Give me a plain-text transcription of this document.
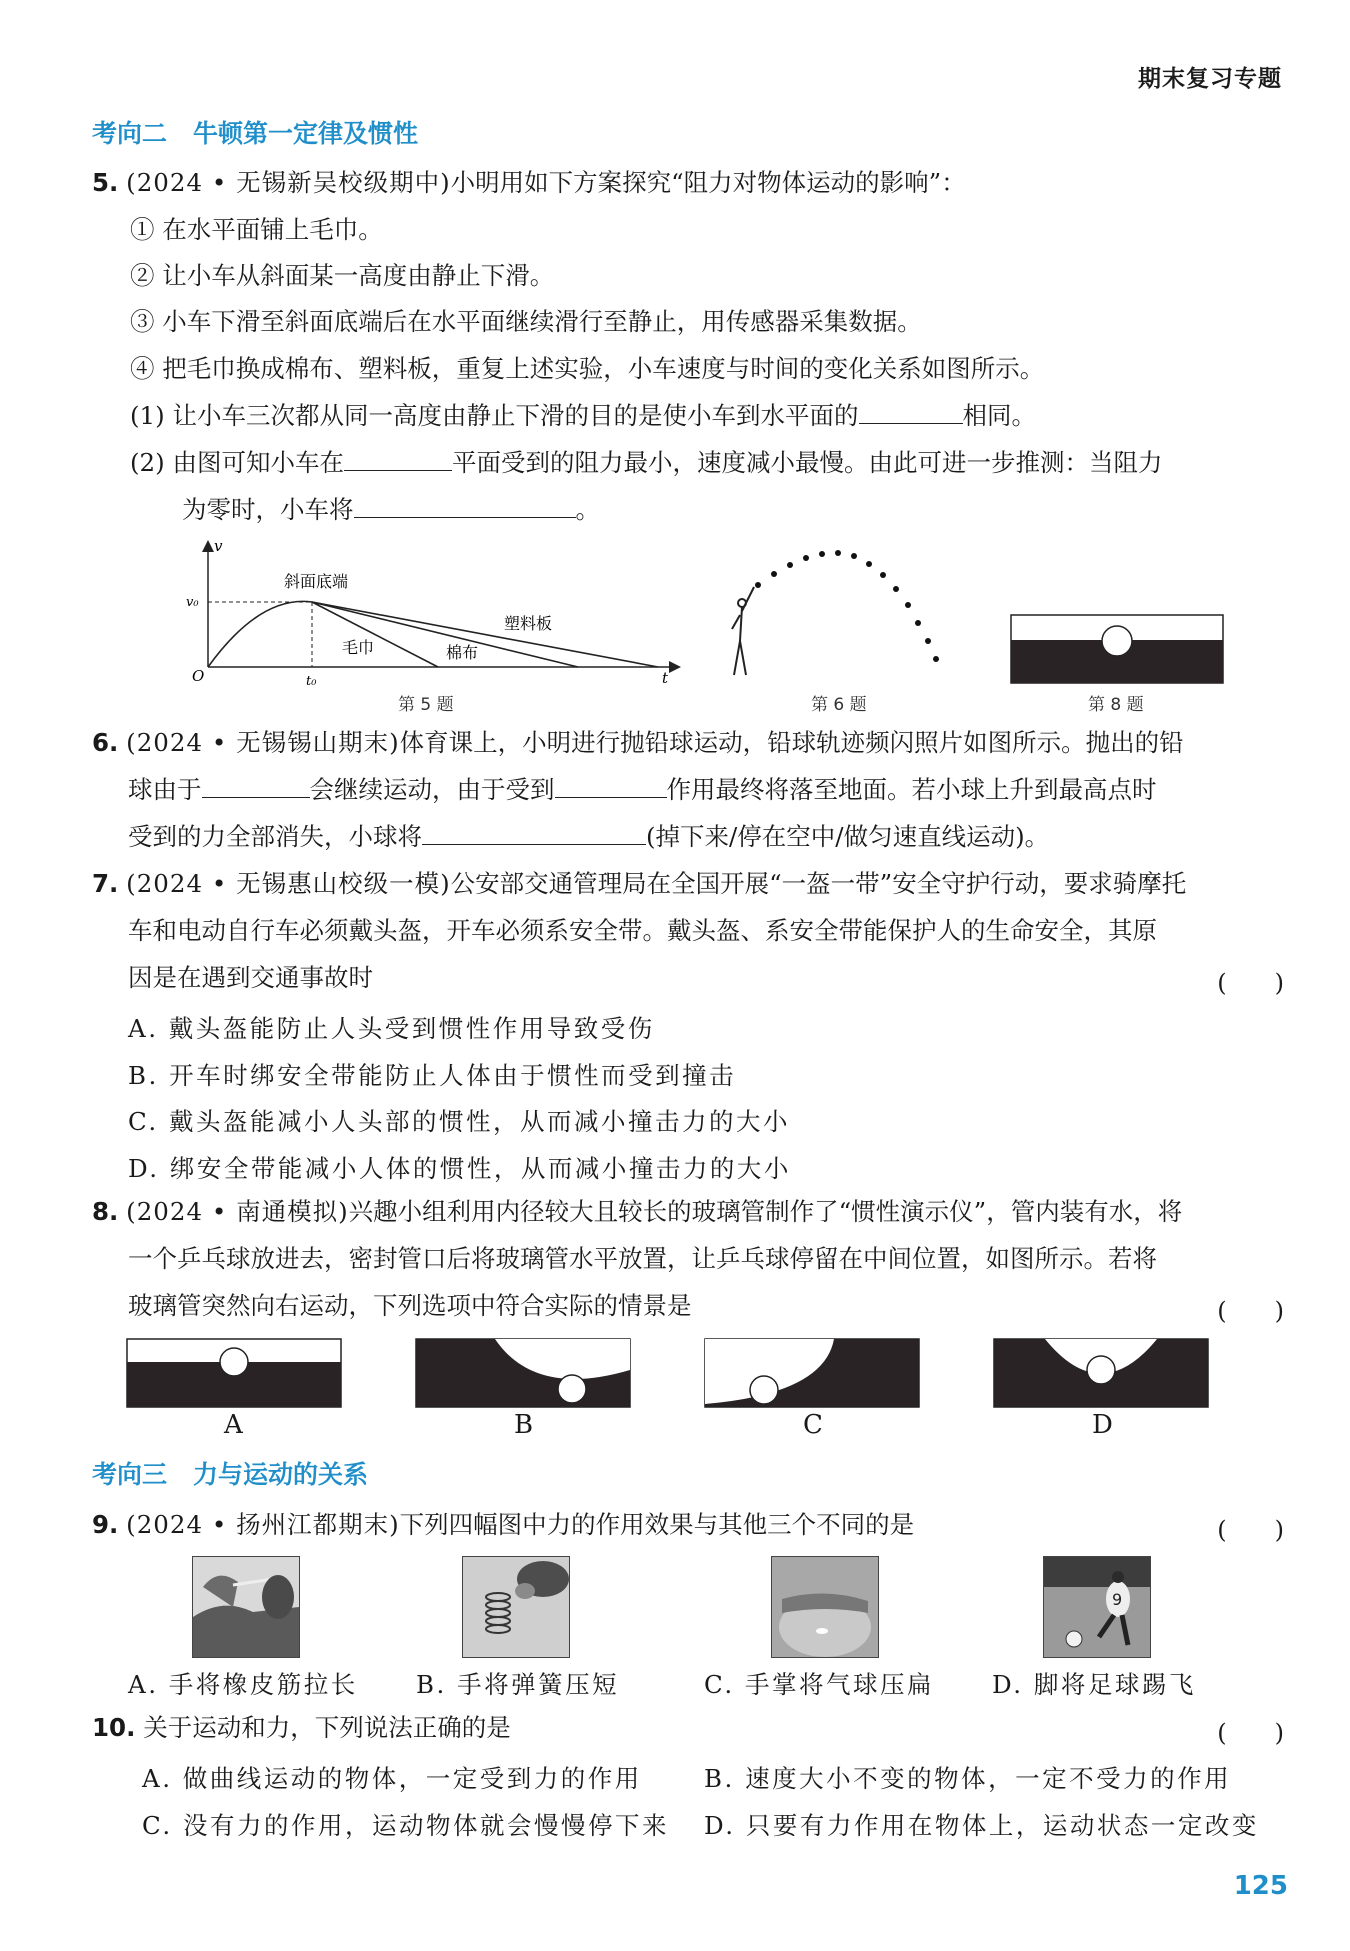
期末复习专题
考向二 牛顿第一定律及惯性
5. (2024 • 无锡新吴校级期中)小明用如下方案探究“阻力对物体运动的影响”：
① 在水平面铺上毛巾。
② 让小车从斜面某一高度由静止下滑。
③ 小车下滑至斜面底端后在水平面继续滑行至静止，用传感器采集数据。
④ 把毛巾换成棉布、塑料板，重复上述实验，小车速度与时间的变化关系如图所示。
(1) 让小车三次都从同一高度由静止下滑的目的是使小车到水平面的	相同。
(2) 由图可知小车在	平面受到的阻力最小，速度减小最慢。由此可进一步推测：当阻力
为零时，小车将	。
v
t
O
v₀
t₀
斜面底端
毛巾	棉布
塑料板
第 5 题	第 6 题	第 8 题
6. (2024 • 无锡锡山期末)体育课上，小明进行抛铅球运动，铅球轨迹频闪照片如图所示。抛出的铅
球由于	会继续运动，由于受到	作用最终将落至地面。若小球上升到最高点时
受到的力全部消失，小球将	(掉下来/停在空中/做匀速直线运动)。
7. (2024 • 无锡惠山校级一模)公安部交通管理局在全国开展“一盔一带”安全守护行动，要求骑摩托
车和电动自行车必须戴头盔，开车必须系安全带。戴头盔、系安全带能保护人的生命安全，其原
因是在遇到交通事故时	(　　)
A. 戴头盔能防止人头受到惯性作用导致受伤
B. 开车时绑安全带能防止人体由于惯性而受到撞击
C. 戴头盔能减小人头部的惯性，从而减小撞击力的大小
D. 绑安全带能减小人体的惯性，从而减小撞击力的大小
8. (2024 • 南通模拟)兴趣小组利用内径较大且较长的玻璃管制作了“惯性演示仪”，管内装有水，将
一个乒乓球放进去，密封管口后将玻璃管水平放置，让乒乓球停留在中间位置，如图所示。若将
玻璃管突然向右运动，下列选项中符合实际的情景是	(　　)
A	B	C	D
考向三 力与运动的关系
9. (2024 • 扬州江都期末)下列四幅图中力的作用效果与其他三个不同的是	(　　)
9
A. 手将橡皮筋拉长 B. 手将弹簧压短	C. 手掌将气球压扁 D. 脚将足球踢飞
10. 关于运动和力，下列说法正确的是	(　　)
A. 做曲线运动的物体，一定受到力的作用	B. 速度大小不变的物体，一定不受力的作用
C. 没有力的作用，运动物体就会慢慢停下来 D. 只要有力作用在物体上，运动状态一定改变
125
